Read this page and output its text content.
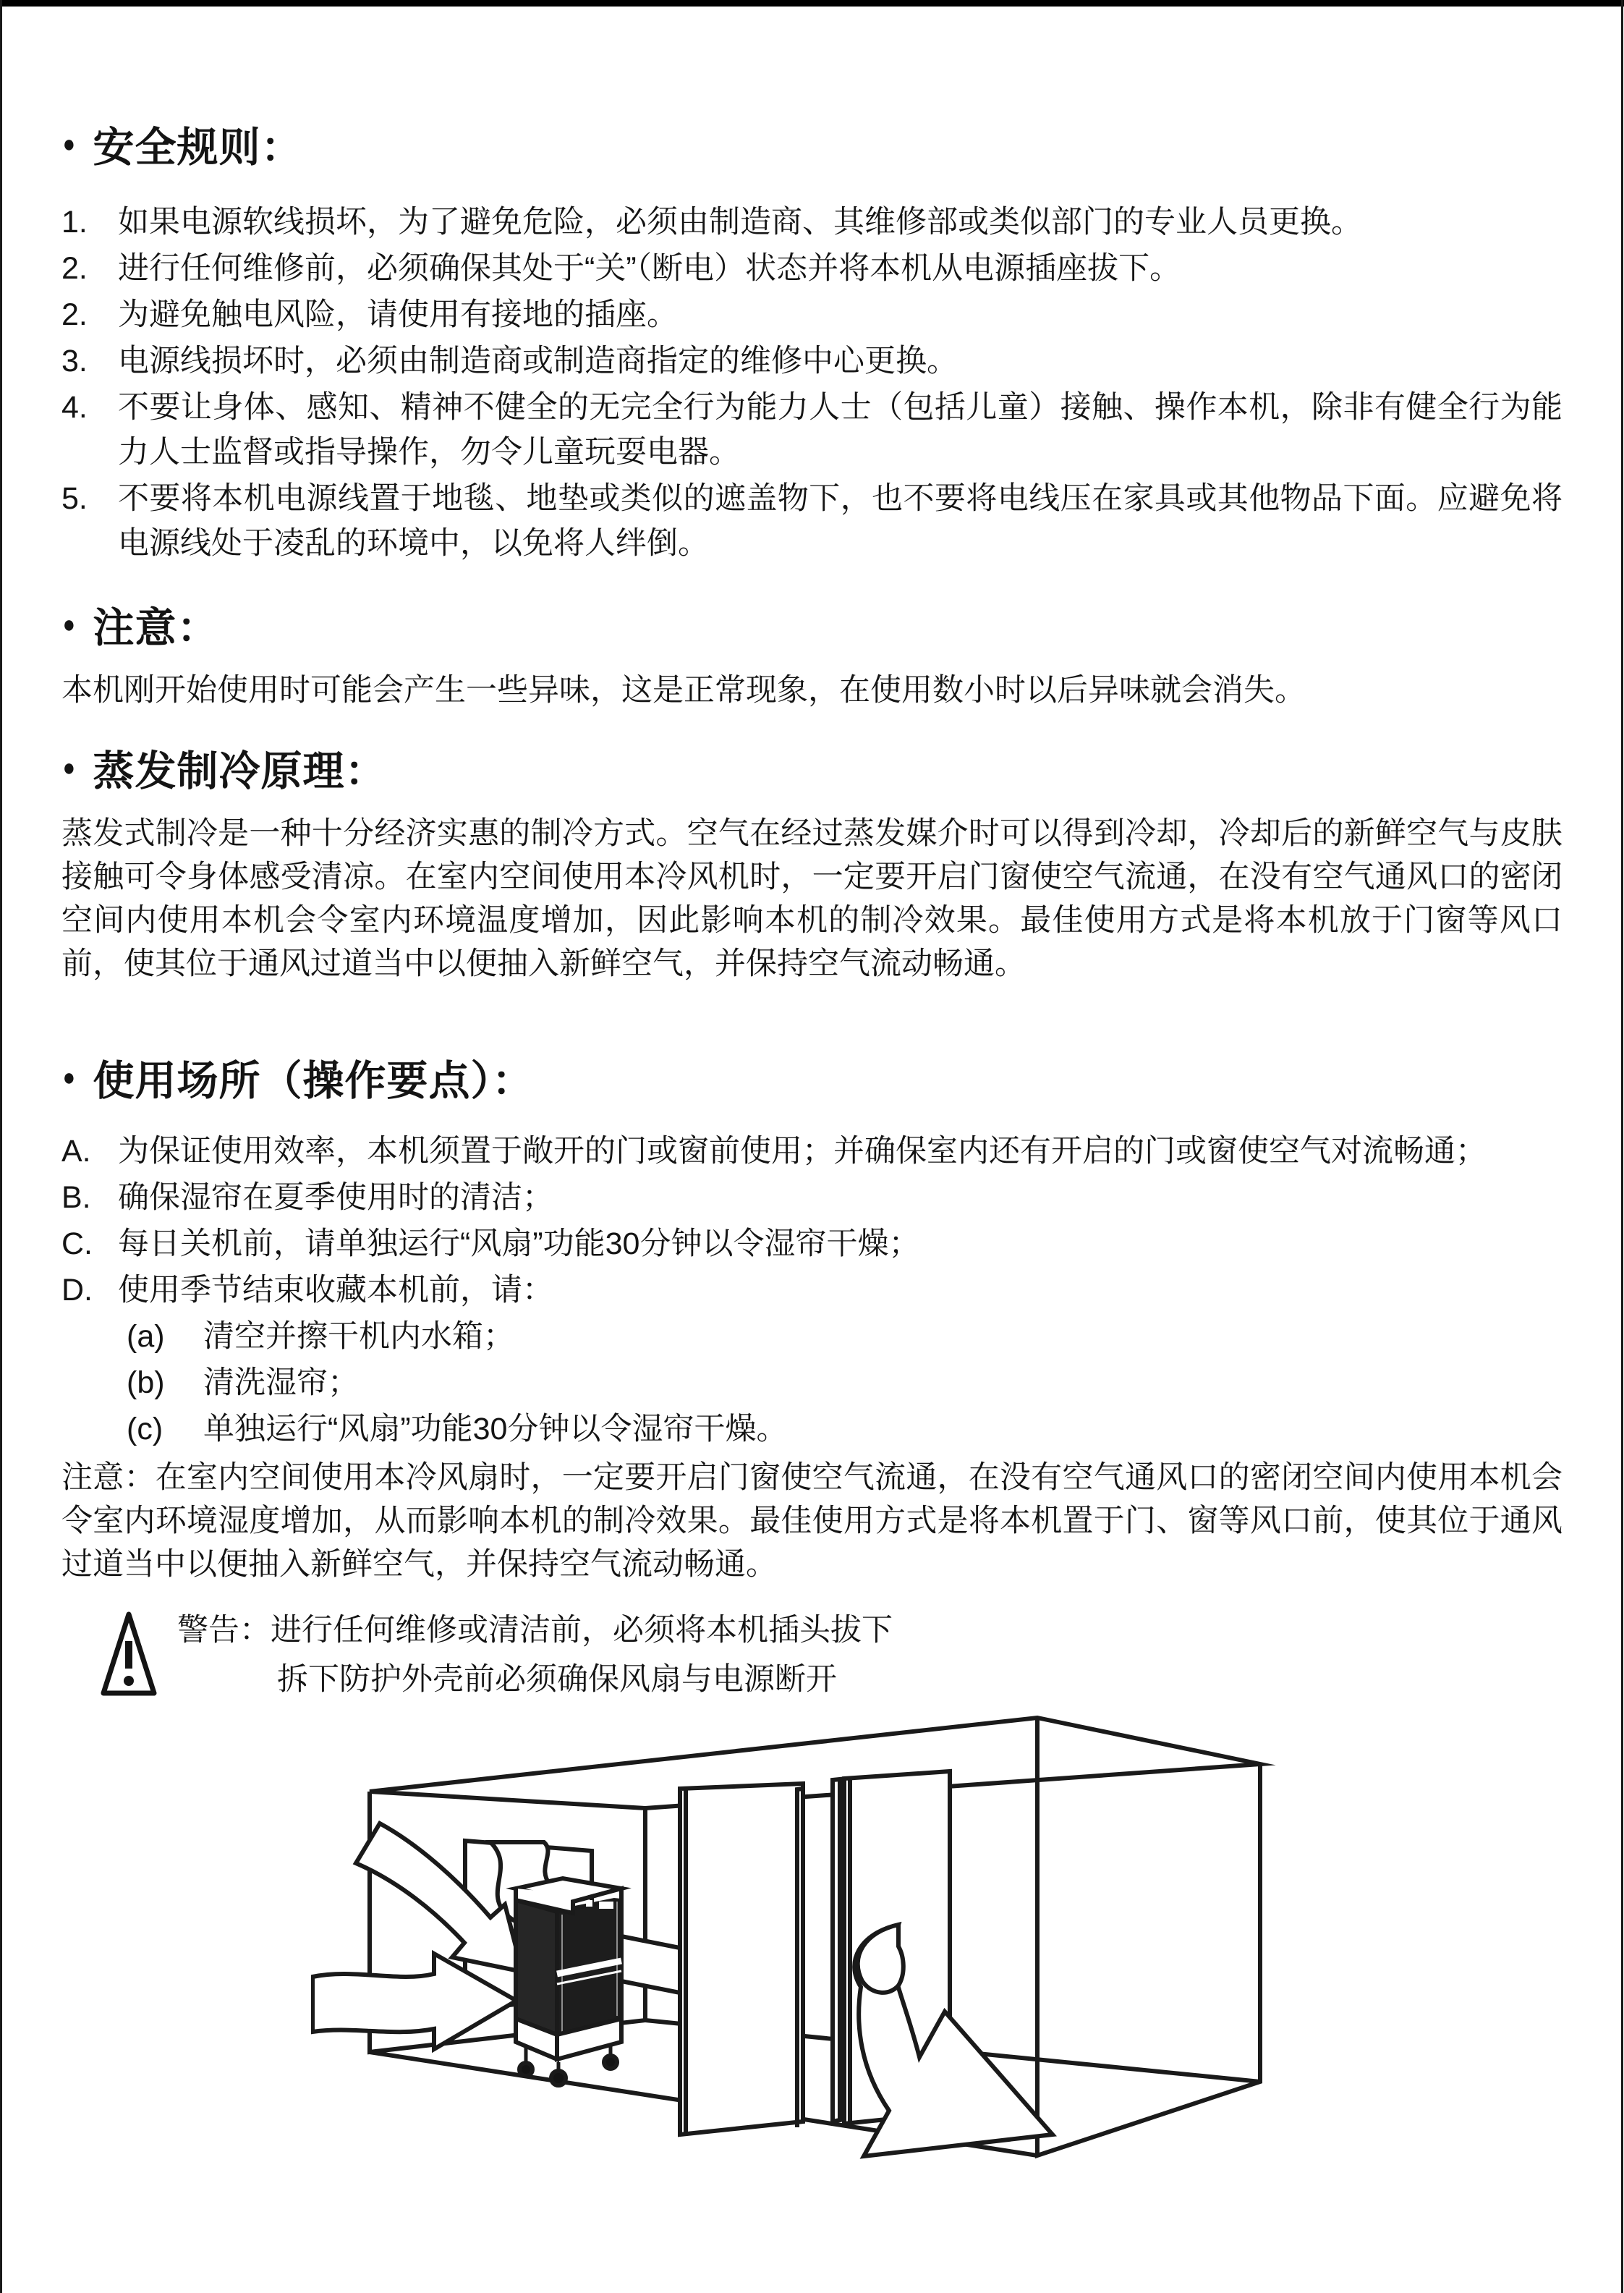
● 安全规则：
1. 如果电源软线损坏，为了避免危险，必须由制造商、其维修部或类似部门的专业人员更换。
2. 进行任何维修前，必须确保其处于“关”（断电）状态并将本机从电源插座拔下。
2. 为避免触电风险，请使用有接地的插座。
3. 电源线损坏时，必须由制造商或制造商指定的维修中心更换。
4. 不要让身体、感知、精神不健全的无完全行为能力人士（包括儿童）接触、操作本机，除非有健全行为能力人士监督或指导操作，勿令儿童玩耍电器。
5. 不要将本机电源线置于地毯、地垫或类似的遮盖物下，也不要将电线压在家具或其他物品下面。应避免将电源线处于凌乱的环境中，以免将人绊倒。
● 注意：

本机刚开始使用时可能会产生一些异味，这是正常现象，在使用数小时以后异味就会消失。

● 蒸发制冷原理：

蒸发式制冷是一种十分经济实惠的制冷方式。空气在经过蒸发媒介时可以得到冷却，冷却后的新鲜空气与皮肤接触可令身体感受清凉。在室内空间使用本冷风机时，一定要开启门窗使空气流通，在没有空气通风口的密闭空间内使用本机会令室内环境温度增加，因此影响本机的制冷效果。最佳使用方式是将本机放于门窗等风口前，使其位于通风过道当中以便抽入新鲜空气，并保持空气流动畅通。

● 使用场所（操作要点）：
A. 为保证使用效率，本机须置于敞开的门或窗前使用；并确保室内还有开启的门或窗使空气对流畅通；
B. 确保湿帘在夏季使用时的清洁；
C. 每日关机前，请单独运行“风扇”功能30分钟以令湿帘干燥；
D. 使用季节结束收藏本机前，请：
(a) 清空并擦干机内水箱；
(b) 清洗湿帘；
(c) 单独运行“风扇”功能30分钟以令湿帘干燥。

注意：在室内空间使用本冷风扇时，一定要开启门窗使空气流通，在没有空气通风口的密闭空间内使用本机会令室内环境湿度增加，从而影响本机的制冷效果。最佳使用方式是将本机置于门、窗等风口前，使其位于通风过道当中以便抽入新鲜空气，并保持空气流动畅通。

警告：进行任何维修或清洁前，必须将本机插头拔下
拆下防护外壳前必须确保风扇与电源断开
